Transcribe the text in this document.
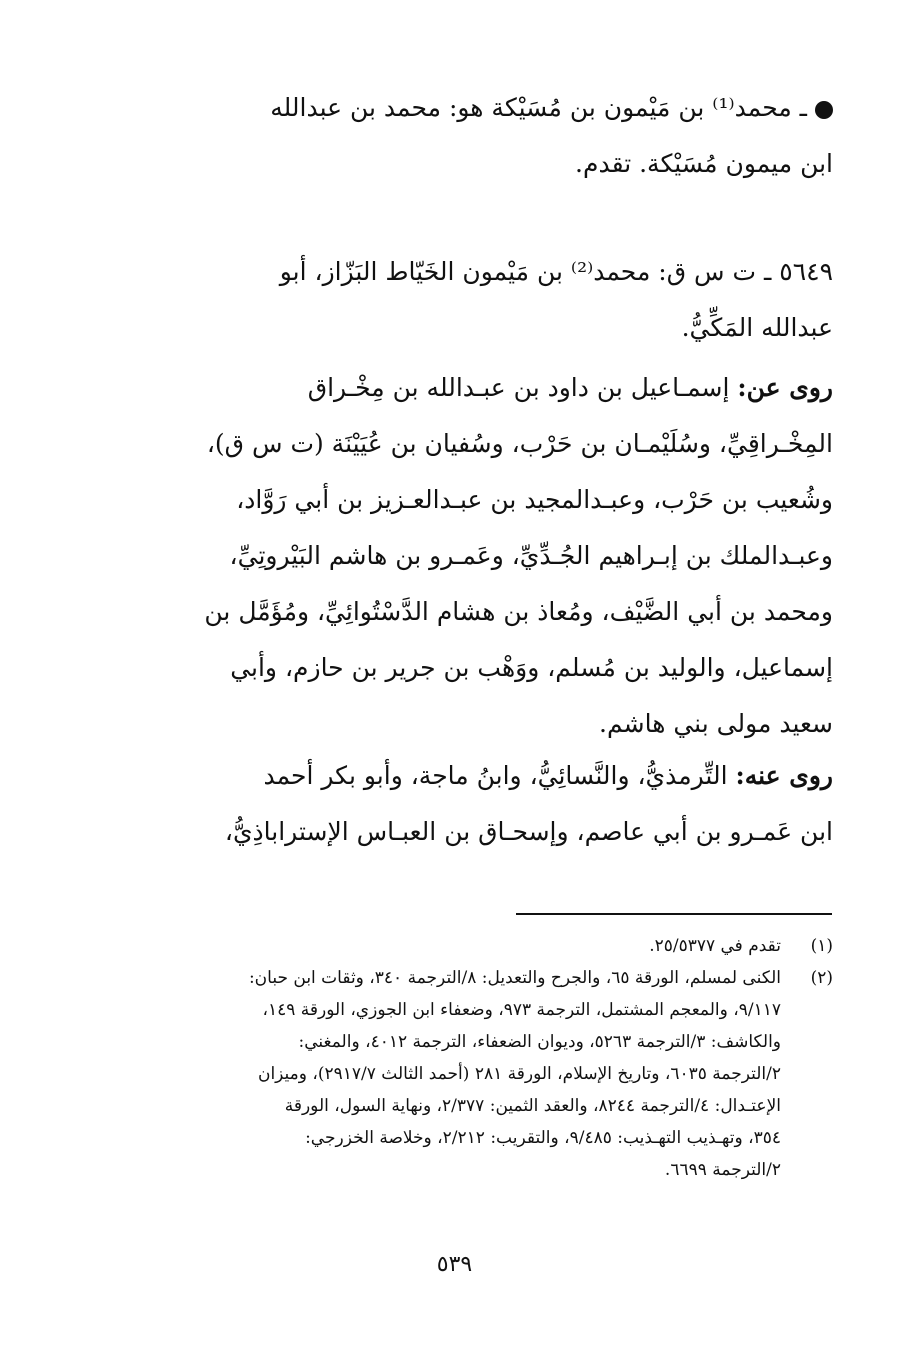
ـ محمد⁽¹⁾ بن مَيْمون بن مُسَيْكة هو: محمد بن عبدالله
ابن ميمون مُسَيْكة. تقدم.
٥٦٤٩ ـ ت س ق: محمد⁽²⁾ بن مَيْمون الخَيّاط البَزّاز، أبو
عبدالله المَكِّيُّ.
روى عن: إسمـاعيل بن داود بن عبـدالله بن مِخْـراق
المِخْـراقِيِّ، وسُلَيْمـان بن حَرْب، وسُفيان بن عُيَيْنَة (ت س ق)،
وشُعيب بن حَرْب، وعبـدالمجيد بن عبـدالعـزيز بن أبي رَوَّاد،
وعبـدالملك بن إبـراهيم الجُـدِّيِّ، وعَمـرو بن هاشم البَيْروتِيِّ،
ومحمد بن أبي الضَّيْف، ومُعاذ بن هشام الدَّسْتُوائِيِّ، ومُؤَمَّل بن
إسماعيل، والوليد بن مُسلم، ووَهْب بن جرير بن حازم، وأبي
سعيد مولى بني هاشم.
روى عنه: التِّرمذيُّ، والنَّسائِيُّ، وابنُ ماجة، وأبو بكر أحمد
ابن عَمـرو بن أبي عاصم، وإسحـاق بن العبـاس الإستراباذِيُّ،
(١)
تقدم في ٢٥/٥٣٧٧.
(٢)
الكنى لمسلم، الورقة ٦٥، والجرح والتعديل: ٨/الترجمة ٣٤٠، وثقات ابن حبان:
٩/١١٧، والمعجم المشتمل، الترجمة ٩٧٣، وضعفاء ابن الجوزي، الورقة ١٤٩،
والكاشف: ٣/الترجمة ٥٢٦٣، وديوان الضعفاء، الترجمة ٤٠١٢، والمغني:
٢/الترجمة ٦٠٣٥، وتاريخ الإسلام، الورقة ٢٨١ (أحمد الثالث ٢٩١٧/٧)، وميزان
الإعتـدال: ٤/الترجمة ٨٢٤٤، والعقد الثمين: ٢/٣٧٧، ونهاية السول، الورقة
٣٥٤، وتهـذيب التهـذيب: ٩/٤٨٥، والتقريب: ٢/٢١٢، وخلاصة الخزرجي:
٢/الترجمة ٦٦٩٩.
٥٣٩
